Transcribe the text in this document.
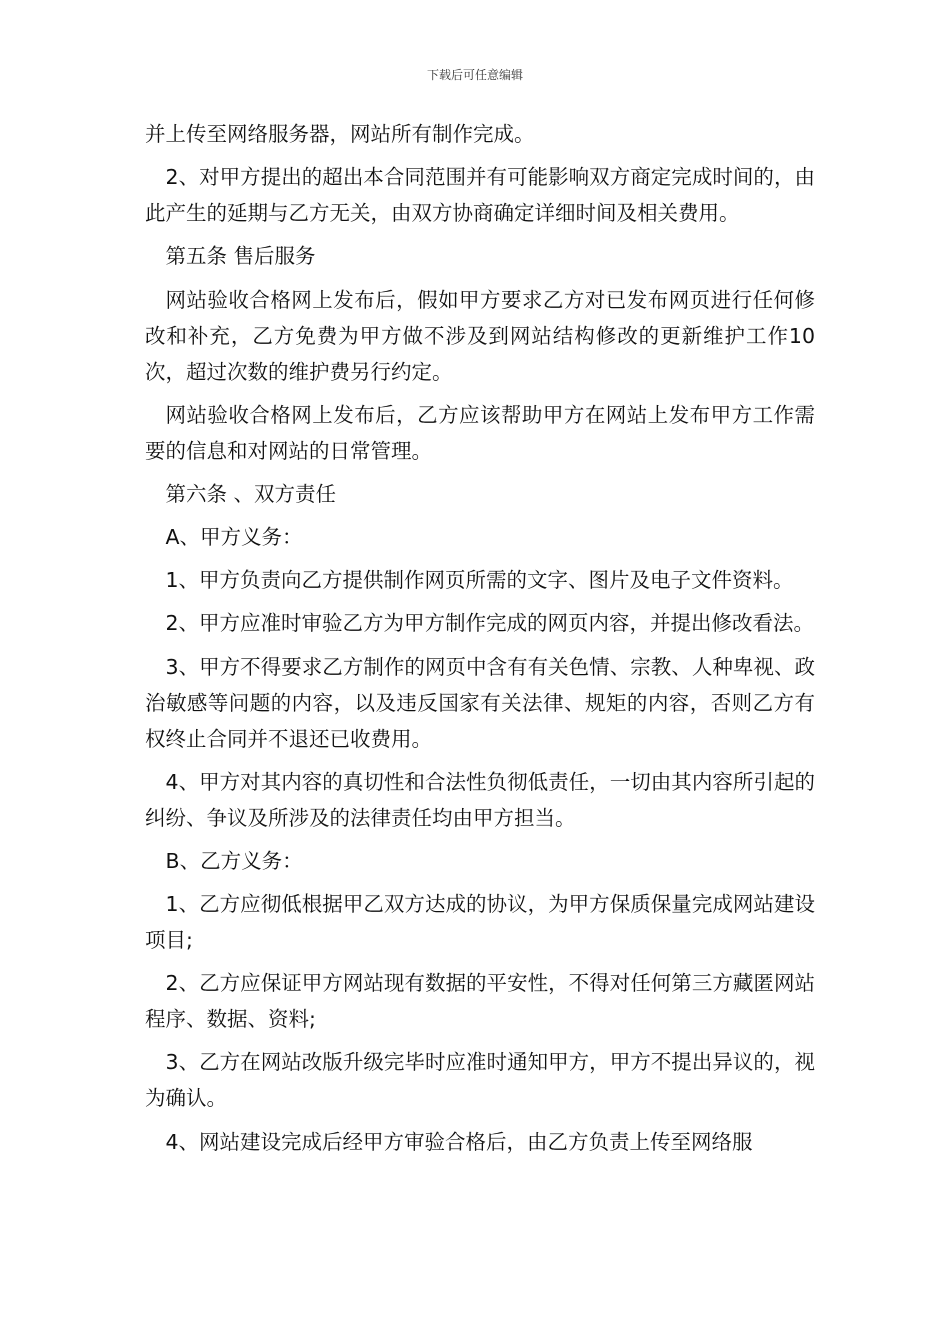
下载后可任意编辑

并上传至网络服务器，网站所有制作完成。

2、对甲方提出的超出本合同范围并有可能影响双方商定完成时间的，由此产生的延期与乙方无关，由双方协商确定详细时间及相关费用。

第五条 售后服务

网站验收合格网上发布后，假如甲方要求乙方对已发布网页进行任何修改和补充，乙方免费为甲方做不涉及到网站结构修改的更新维护工作10次，超过次数的维护费另行约定。

网站验收合格网上发布后，乙方应该帮助甲方在网站上发布甲方工作需要的信息和对网站的日常管理。

第六条 、双方责任

A、甲方义务：

1、甲方负责向乙方提供制作网页所需的文字、图片及电子文件资料。

2、甲方应准时审验乙方为甲方制作完成的网页内容，并提出修改看法。

3、甲方不得要求乙方制作的网页中含有有关色情、宗教、人种卑视、政治敏感等问题的内容，以及违反国家有关法律、规矩的内容，否则乙方有权终止合同并不退还已收费用。

4、甲方对其内容的真切性和合法性负彻低责任，一切由其内容所引起的纠纷、争议及所涉及的法律责任均由甲方担当。

B、乙方义务：

1、乙方应彻低根据甲乙双方达成的协议，为甲方保质保量完成网站建设项目;

2、乙方应保证甲方网站现有数据的平安性，不得对任何第三方藏匿网站程序、数据、资料;

3、乙方在网站改版升级完毕时应准时通知甲方，甲方不提出异议的，视为确认。

4、网站建设完成后经甲方审验合格后，由乙方负责上传至网络服
